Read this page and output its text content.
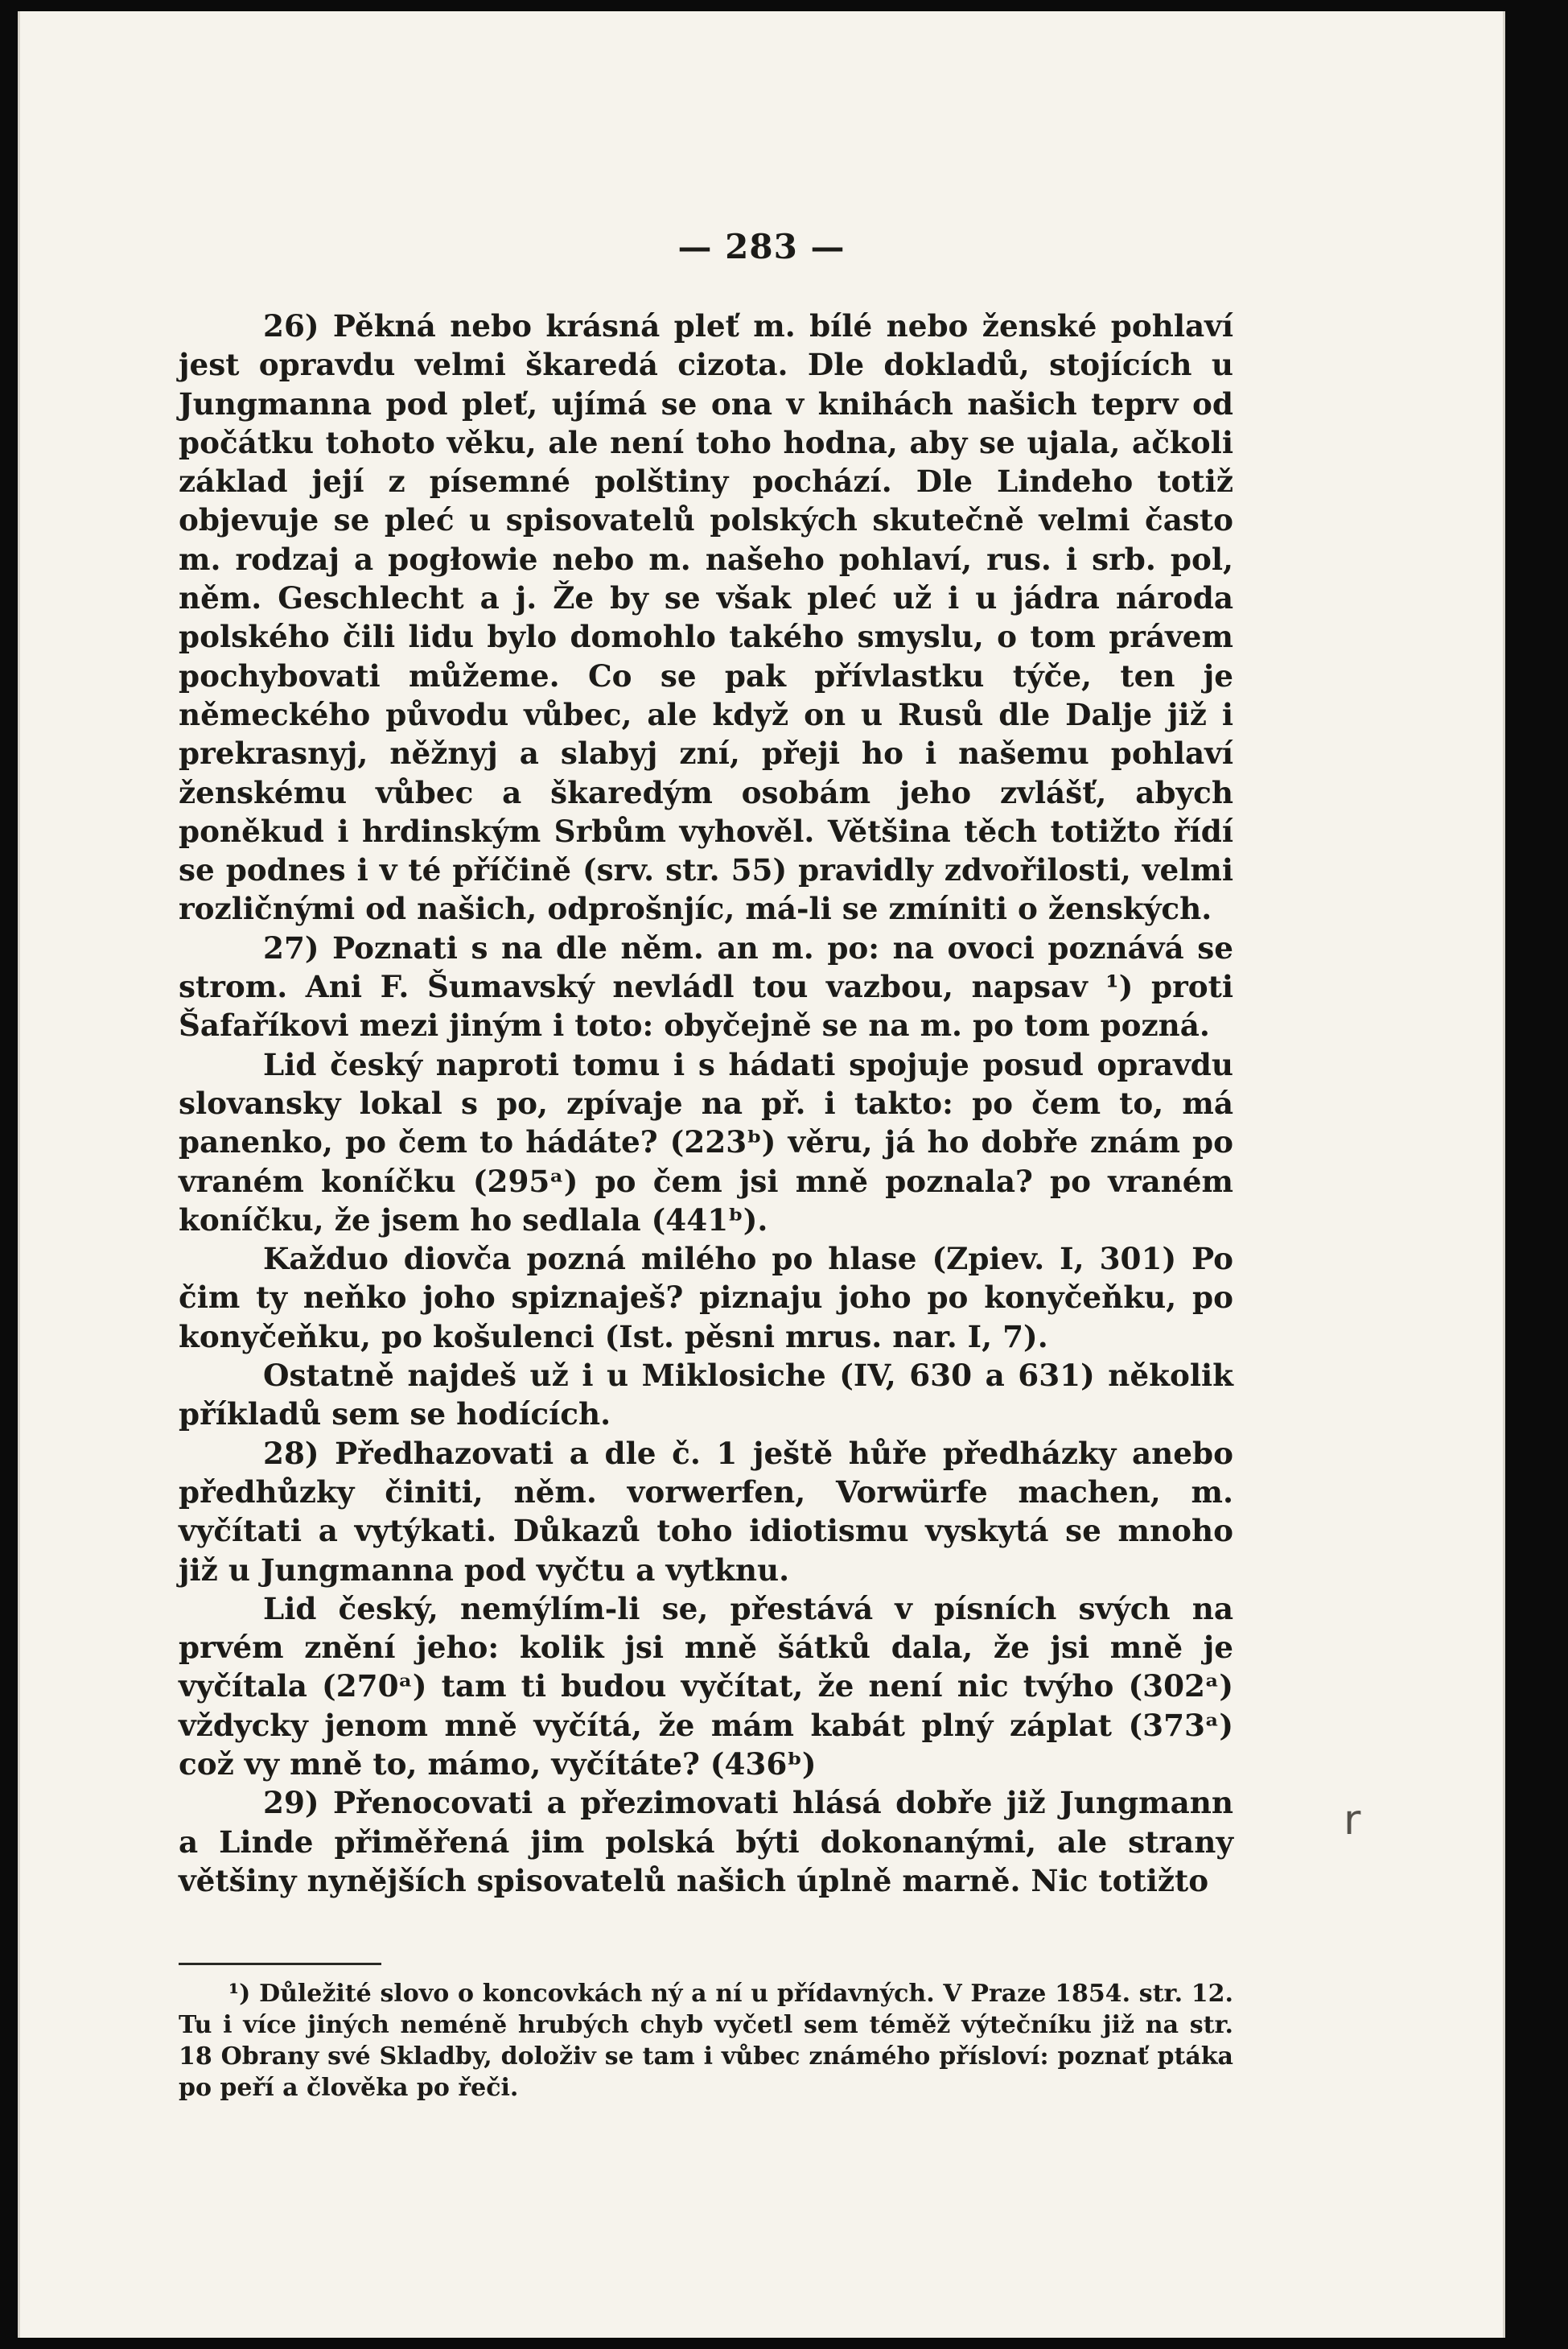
— 283 —

26) Pěkná nebo krásná pleť m. bílé nebo ženské pohlaví jest opravdu velmi škaredá cizota. Dle dokladů, stojících u Jungmanna pod pleť, ujímá se ona v knihách našich teprv od počátku tohoto věku, ale není toho hodna, aby se ujala, ačkoli základ její z písemné polštiny pochází. Dle Lindeho totiž objevuje se pleć u spisovatelů polských skutečně velmi často m. rodzaj a pogłowie nebo m. našeho pohlaví, rus. i srb. pol, něm. Geschlecht a j. Že by se však pleć už i u jádra národa polského čili lidu bylo domohlo takého smyslu, o tom právem pochybovati můžeme. Co se pak přívlastku týče, ten je německého původu vůbec, ale když on u Rusů dle Dalje již i prekrasnyj, něžnyj a slabyj zní, přeji ho i našemu pohlaví ženskému vůbec a škaredým osobám jeho zvlášť, abych poněkud i hrdinským Srbům vyhověl. Většina těch totižto řídí se podnes i v té příčině (srv. str. 55) pravidly zdvořilosti, velmi rozličnými od našich, odprošnjíc, má-li se zmíniti o ženských.

27) Poznati s na dle něm. an m. po: na ovoci poznává se strom. Ani F. Šumavský nevládl tou vazbou, napsav ¹) proti Šafaříkovi mezi jiným i toto: obyčejně se na m. po tom pozná.

Lid český naproti tomu i s hádati spojuje posud opravdu slovansky lokal s po, zpívaje na př. i takto: po čem to, má panenko, po čem to hádáte? (223ᵇ) věru, já ho dobře znám po vraném koníčku (295ᵃ) po čem jsi mně poznala? po vraném koníčku, že jsem ho sedlala (441ᵇ).

Každuo diovča pozná milého po hlase (Zpiev. I, 301) Po čim ty neňko joho spiznaješ? piznaju joho po konyčeňku, po konyčeňku, po košulenci (Ist. pěsni mrus. nar. I, 7).

Ostatně najdeš už i u Miklosiche (IV, 630 a 631) několik příkladů sem se hodících.

28) Předhazovati a dle č. 1 ještě hůře předházky anebo předhůzky činiti, něm. vorwerfen, Vorwürfe machen, m. vyčítati a vytýkati. Důkazů toho idiotismu vyskytá se mnoho již u Jungmanna pod vyčtu a vytknu.

Lid český, nemýlím-li se, přestává v písních svých na prvém znění jeho: kolik jsi mně šátků dala, že jsi mně je vyčítala (270ᵃ) tam ti budou vyčítat, že není nic tvýho (302ᵃ) vždycky jenom mně vyčítá, že mám kabát plný záplat (373ᵃ) což vy mně to, mámo, vyčítáte? (436ᵇ)

29) Přenocovati a přezimovati hlásá dobře již Jungmann a Linde přiměřená jim polská býti dokonanými, ale strany většiny nynějších spisovatelů našich úplně marně. Nic totižto

¹) Důležité slovo o koncovkách ný a ní u přídavných. V Praze 1854. str. 12. Tu i více jiných neméně hrubých chyb vyčetl sem téměž výtečníku již na str. 18 Obrany své Skladby, doloživ se tam i vůbec známého přísloví: poznať ptáka po peří a člověka po řeči.

r
